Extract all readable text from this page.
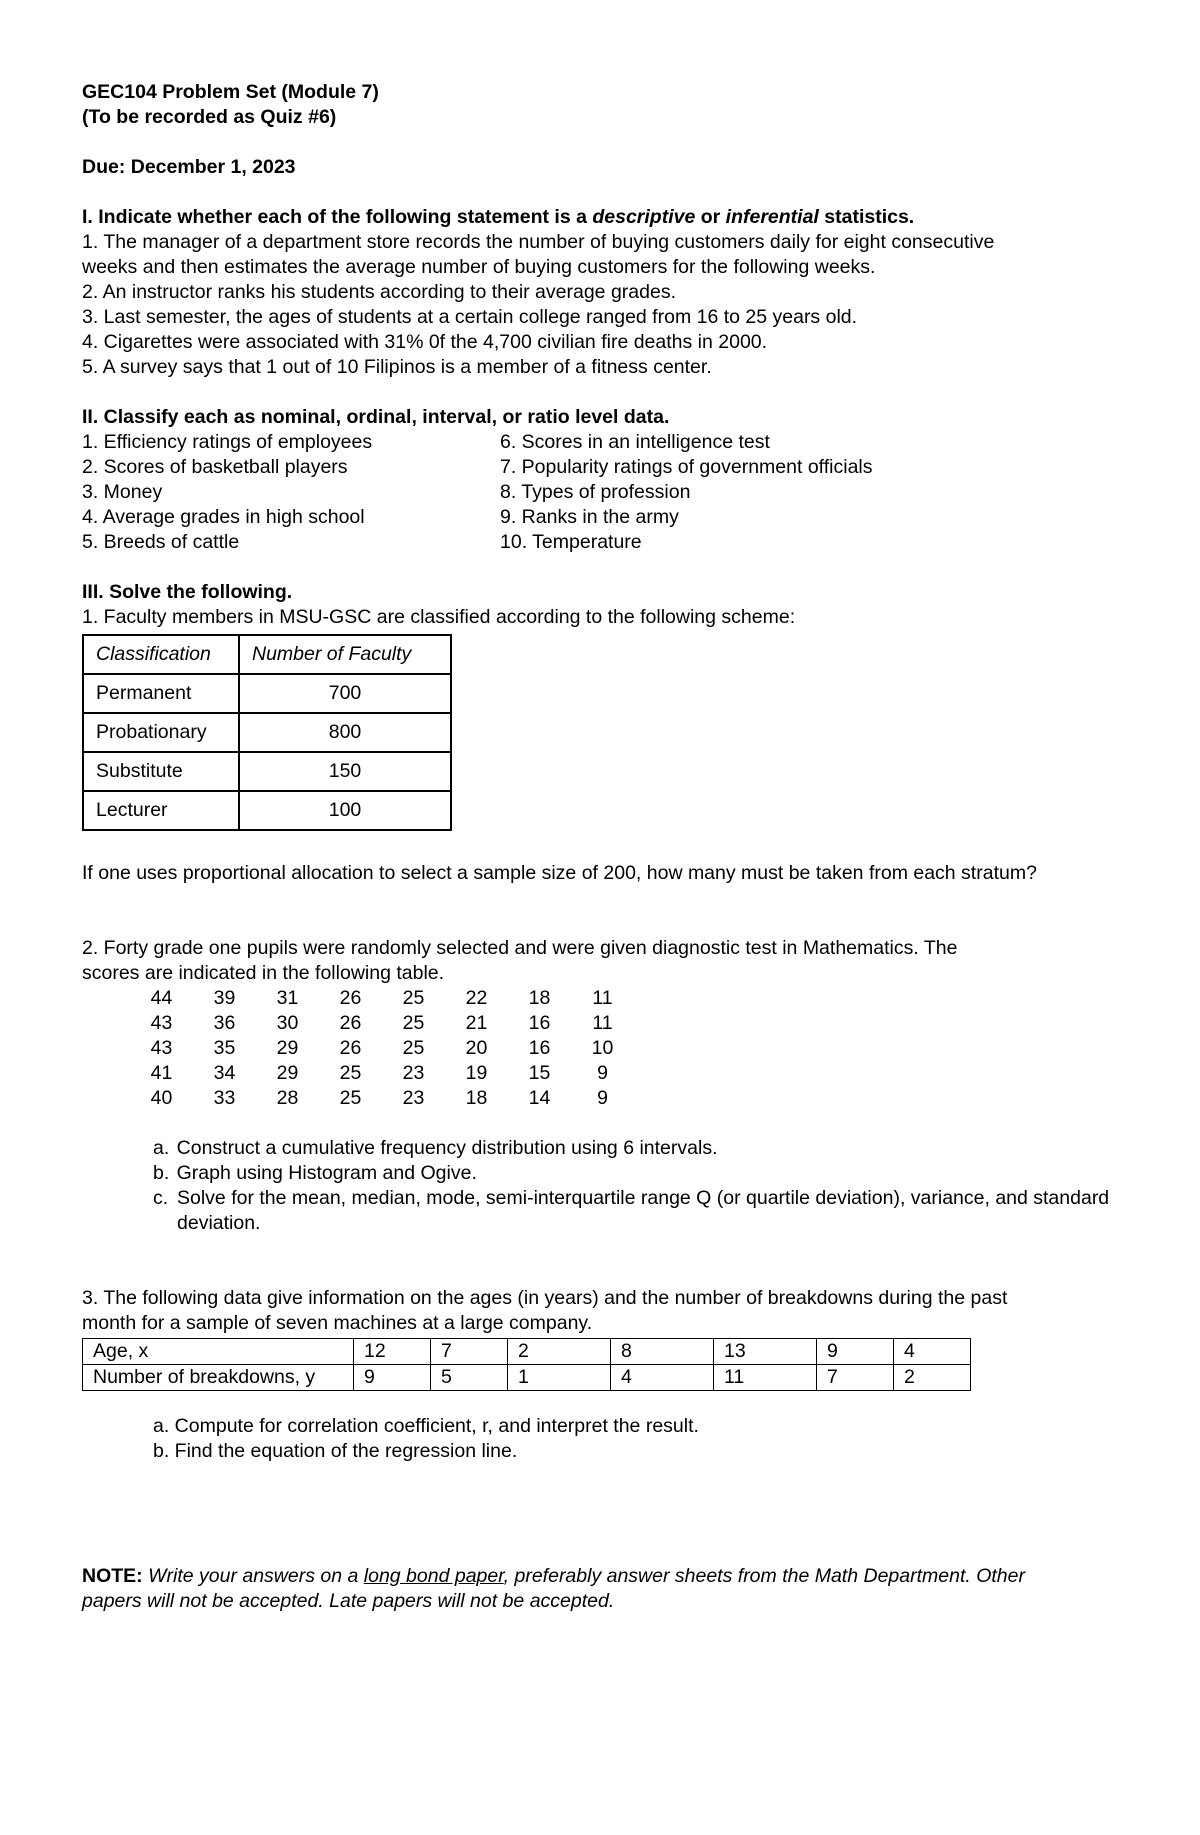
GEC104 Problem Set (Module 7)
(To be recorded as Quiz #6)
Due: December 1, 2023
I. Indicate whether each of the following statement is a descriptive or inferential statistics.
1. The manager of a department store records the number of buying customers daily for eight consecutive
weeks and then estimates the average number of buying customers for the following weeks.
2. An instructor ranks his students according to their average grades.
3. Last semester, the ages of students at a certain college ranged from 16 to 25 years old.
4. Cigarettes were associated with 31% 0f the 4,700 civilian fire deaths in 2000.
5. A survey says that 1 out of 10 Filipinos is a member of a fitness center.
II. Classify each as nominal, ordinal, interval, or ratio level data.
1. Efficiency ratings of employees
2. Scores of basketball players
3. Money
4. Average grades in high school
5. Breeds of cattle
6. Scores in an intelligence test
7. Popularity ratings of government officials
8. Types of profession
9. Ranks in the army
10. Temperature
III. Solve the following.
1. Faculty members in MSU-GSC are classified according to the following scheme:
Classification	Number of Faculty
Permanent	700
Probationary	800
Substitute	150
Lecturer	100
If one uses proportional allocation to select a sample size of 200, how many must be taken from each stratum?
2. Forty grade one pupils were randomly selected and were given diagnostic test in Mathematics. The
scores are indicated in the following table.
44	39	31	26	25	22	18	11
43	36	30	26	25	21	16	11
43	35	29	26	25	20	16	10
41	34	29	25	23	19	15	9
40	33	28	25	23	18	14	9
a. Construct a cumulative frequency distribution using 6 intervals.
b. Graph using Histogram and Ogive.
c. Solve for the mean, median, mode, semi-interquartile range Q (or quartile deviation), variance, and standard deviation.
3. The following data give information on the ages (in years) and the number of breakdowns during the past
month for a sample of seven machines at a large company.
Age, x	12	7	2	8	13	9	4
Number of breakdowns, y	9	5	1	4	11	7	2
a. Compute for correlation coefficient, r, and interpret the result.
b. Find the equation of the regression line.
NOTE: Write your answers on a long bond paper, preferably answer sheets from the Math Department. Other
papers will not be accepted. Late papers will not be accepted.
